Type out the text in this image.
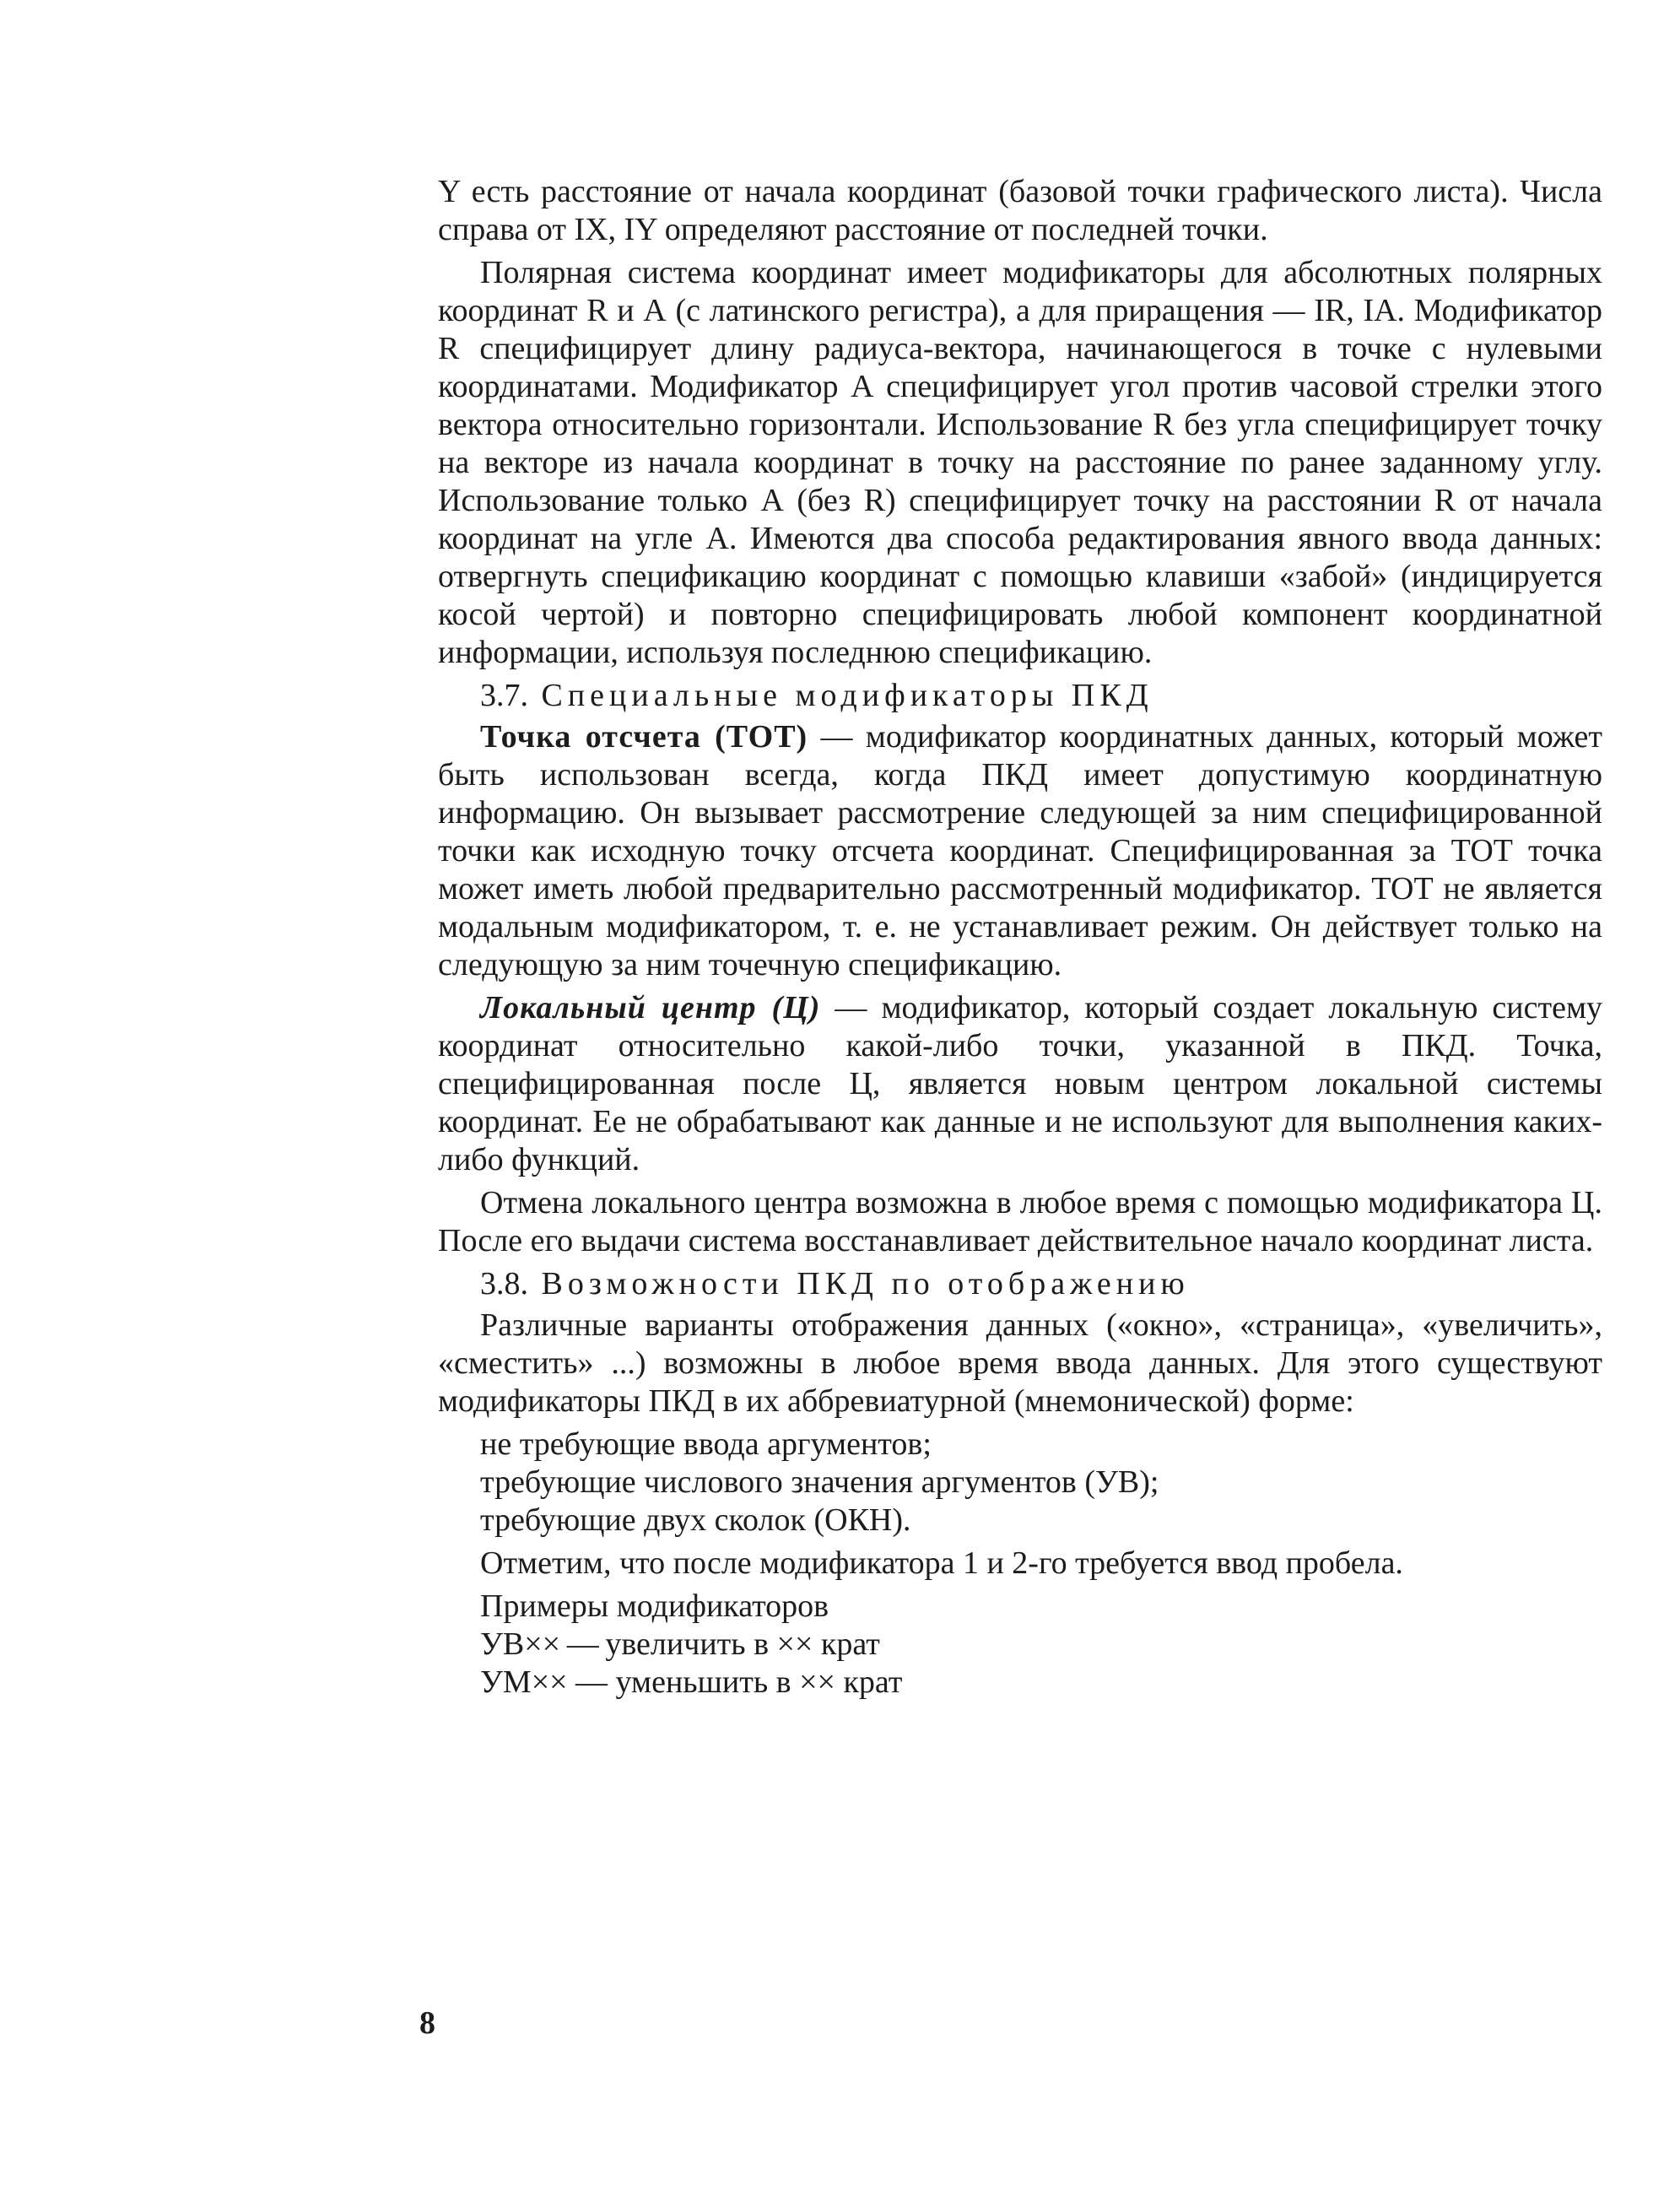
Y есть расстояние от начала координат (базовой точки графического листа). Числа справа от IX, IY определяют расстояние от последней точки.

Полярная система координат имеет модификаторы для абсолютных полярных координат R и А (с латинского регистра), а для приращения — IR, IA. Модификатор R специфицирует длину радиуса-вектора, начинающегося в точке с нулевыми координатами. Модификатор А специфицирует угол против часовой стрелки этого вектора относительно горизонтали. Использование R без угла специфицирует точку на векторе из начала координат в точку на расстояние по ранее заданному углу. Использование только А (без R) специфицирует точку на расстоянии R от начала координат на угле А. Имеются два способа редактирования явного ввода данных: отвергнуть спецификацию координат с помощью клавиши «забой» (индицируется косой чертой) и повторно специфицировать любой компонент координатной информации, используя последнюю спецификацию.

3.7. Специальные модификаторы ПКД

Точка отсчета (ТОТ) — модификатор координатных данных, который может быть использован всегда, когда ПКД имеет допустимую координатную информацию. Он вызывает рассмотрение следующей за ним специфицированной точки как исходную точку отсчета координат. Специфицированная за ТОТ точка может иметь любой предварительно рассмотренный модификатор. ТОТ не является модальным модификатором, т. е. не устанавливает режим. Он действует только на следующую за ним точечную спецификацию.

Локальный центр (Ц) — модификатор, который создает локальную систему координат относительно какой-либо точки, указанной в ПКД. Точка, специфицированная после Ц, является новым центром локальной системы координат. Ее не обрабатывают как данные и не используют для выполнения каких-либо функций.

Отмена локального центра возможна в любое время с помощью модификатора Ц. После его выдачи система восстанавливает действительное начало координат листа.

3.8. Возможности ПКД по отображению

Различные варианты отображения данных («окно», «страница», «увеличить», «сместить» ...) возможны в любое время ввода данных. Для этого существуют модификаторы ПКД в их аббревиатурной (мнемонической) форме:

не требующие ввода аргументов;

требующие числового значения аргументов (УВ);

требующие двух сколок (ОКН).

Отметим, что после модификатора 1 и 2-го требуется ввод пробела.

Примеры модификаторов

УВ×× — увеличить в ×× крат

УМ×× — уменьшить в ×× крат

8
